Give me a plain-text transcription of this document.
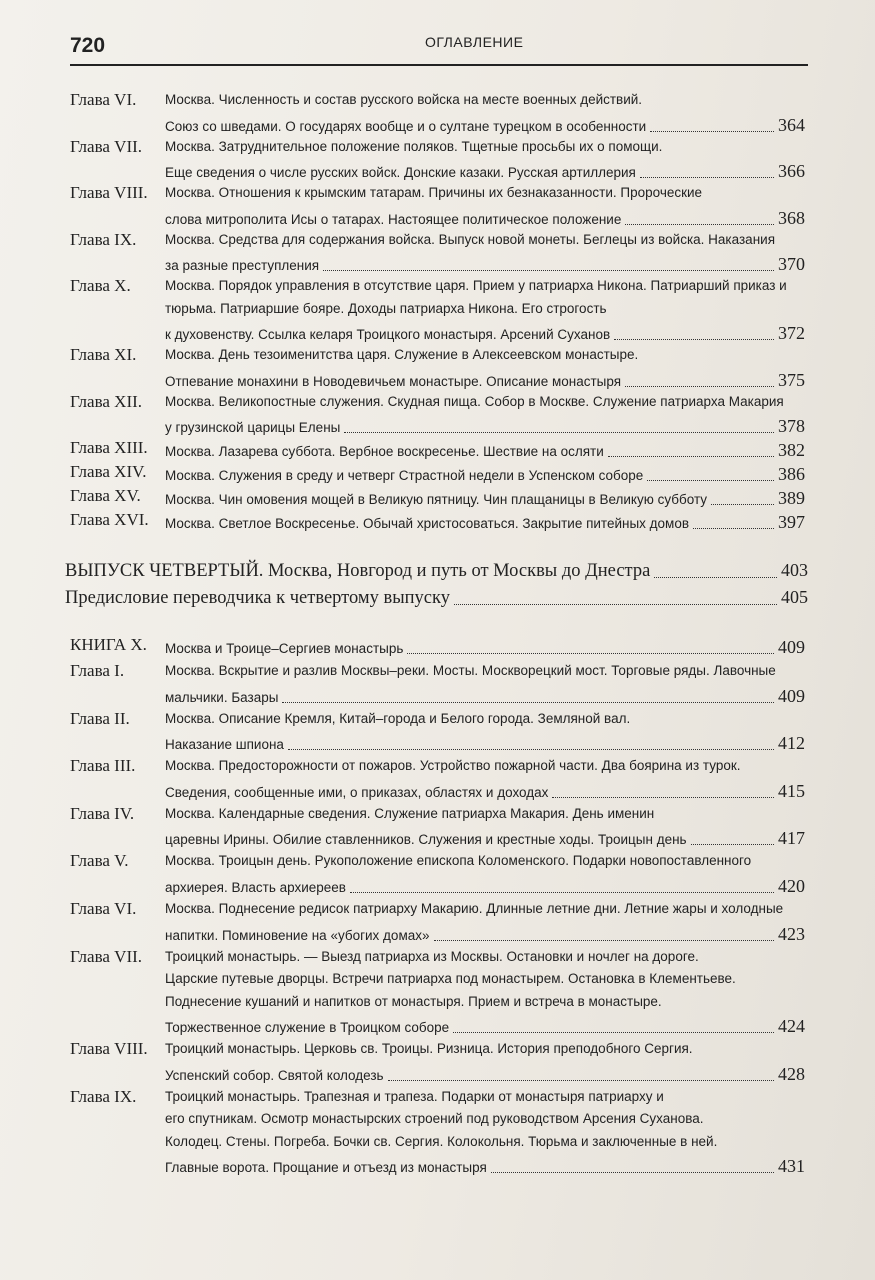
720	ОГЛАВЛЕНИЕ
Глава VI. Москва. Численность и состав русского войска на месте военных действий.
Союз со шведами. О государях вообще и о султане турецком в особенности	364
Глава VII. Москва. Затруднительное положение поляков. Тщетные просьбы их о помощи.
Еще сведения о числе русских войск. Донские казаки. Русская артиллерия	366
Глава VIII. Москва. Отношения к крымским татарам. Причины их безнаказанности. Пророческие
слова митрополита Исы о татарах. Настоящее политическое положение	368
Глава IX. Москва. Средства для содержания войска. Выпуск новой монеты. Беглецы из войска. Наказания
за разные преступления	370
Глава X.	Москва. Порядок управления в отсутствие царя. Прием у патриарха Никона. Патриарший приказ и
тюрьма. Патриаршие бояре. Доходы патриарха Никона. Его строгость
к духовенству. Ссылка келаря Троицкого монастыря. Арсений Суханов	372
Глава XI. Москва. День тезоименитства царя. Служение в Алексеевском монастыре.
Отпевание монахини в Новодевичьем монастыре. Описание монастыря	375
Глава XII. Москва. Великопостные служения. Скудная пища. Собор в Москве. Служение патриарха Макария
у грузинской царицы Елены	378
Глава XIII. Москва. Лазарева суббота. Вербное воскресенье. Шествие на осляти	382
Глава XIV. Москва. Служения в среду и четверг Страстной недели в Успенском соборе	386
Глава XV. Москва. Чин омовения мощей в Великую пятницу. Чин плащаницы в Великую субботу	389
Глава XVI. Москва. Светлое Воскресенье. Обычай христосоваться. Закрытие питейных домов	397
ВЫПУСК ЧЕТВЕРТЫЙ. Москва, Новгород и путь от Москвы до Днестра	403
Предисловие переводчика к четвертому выпуску	405
КНИГА Х. Москва и Троице–Сергиев монастырь	409
Глава I.	Москва. Вскрытие и разлив Москвы–реки. Мосты. Москворецкий мост. Торговые ряды. Лавочные
мальчики. Базары	409
Глава II.	Москва. Описание Кремля, Китай–города и Белого города. Земляной вал.
Наказание шпиона	412
Глава III. Москва. Предосторожности от пожаров. Устройство пожарной части. Два боярина из турок.
Сведения, сообщенные ими, о приказах, областях и доходах	415
Глава IV. Москва. Календарные сведения. Служение патриарха Макария. День именин
царевны Ирины. Обилие ставленников. Служения и крестные ходы. Троицын день	417
Глава V.	Москва. Троицын день. Рукоположение епископа Коломенского. Подарки новопоставленного
архиерея. Власть архиереев	420
Глава VI. Москва. Поднесение редисок патриарху Макарию. Длинные летние дни. Летние жары и холодные
напитки. Поминовение на «убогих домах»	423
Глава VII. Троицкий монастырь. — Выезд патриарха из Москвы. Остановки и ночлег на дороге.
Царские путевые дворцы. Встречи патриарха под монастырем. Остановка в Клементьеве.
Поднесение кушаний и напитков от монастыря. Прием и встреча в монастыре.
Торжественное служение в Троицком соборе	424
Глава VIII. Троицкий монастырь. Церковь св. Троицы. Ризница. История преподобного Сергия.
Успенский собор. Святой колодезь	428
Глава IX. Троицкий монастырь. Трапезная и трапеза. Подарки от монастыря патриарху и
его спутникам. Осмотр монастырских строений под руководством Арсения Суханова.
Колодец. Стены. Погреба. Бочки св. Сергия. Колокольня. Тюрьма и заключенные в ней.
Главные ворота. Прощание и отъезд из монастыря	431
